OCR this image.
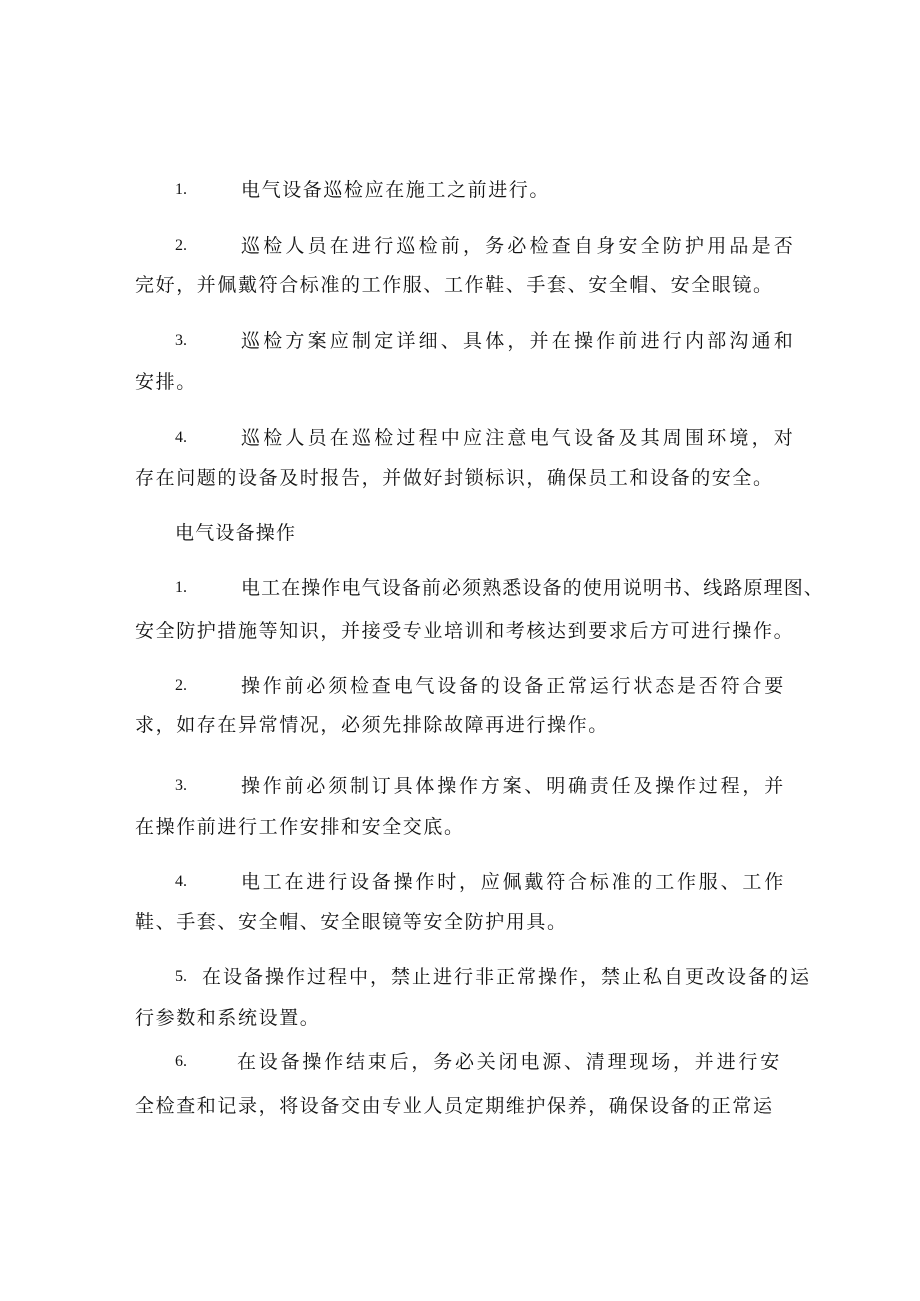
1.	电气设备巡检应在施工之前进行。
2.	巡检人员在进行巡检前，务必检查自身安全防护用品是否
完好，并佩戴符合标准的工作服、工作鞋、手套、安全帽、安全眼镜。
3.	巡检方案应制定详细、具体，并在操作前进行内部沟通和
安排。
4.	巡检人员在巡检过程中应注意电气设备及其周围环境，对
存在问题的设备及时报告，并做好封锁标识，确保员工和设备的安全。
电气设备操作
1.	电工在操作电气设备前必须熟悉设备的使用说明书、线路原理图、
安全防护措施等知识，并接受专业培训和考核达到要求后方可进行操作。
2.	操作前必须检查电气设备的设备正常运行状态是否符合要
求，如存在异常情况，必须先排除故障再进行操作。
3.	操作前必须制订具体操作方案、明确责任及操作过程，并
在操作前进行工作安排和安全交底。
4.	电工在进行设备操作时，应佩戴符合标准的工作服、工作
鞋、手套、安全帽、安全眼镜等安全防护用具。
5. 在设备操作过程中，禁止进行非正常操作，禁止私自更改设备的运
行参数和系统设置。
6.	在设备操作结束后，务必关闭电源、清理现场，并进行安
全检查和记录，将设备交由专业人员定期维护保养，确保设备的正常运
